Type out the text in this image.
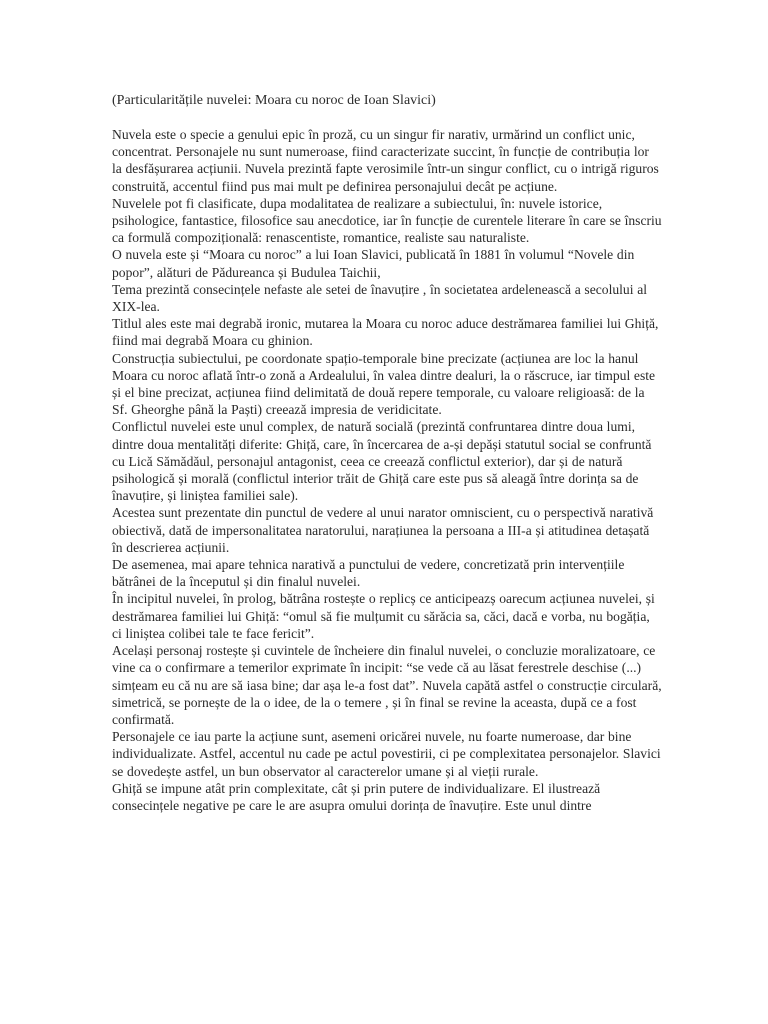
(Particularitățile nuvelei: Moara cu noroc de Ioan Slavici)

Nuvela este o specie a genului epic în proză, cu un singur fir narativ, urmărind un conflict unic, concentrat. Personajele nu sunt numeroase, fiind caracterizate succint, în funcție de contribuția lor la desfășurarea acțiunii. Nuvela prezintă fapte verosimile într-un singur conflict, cu o intrigă riguros construită, accentul fiind pus mai mult pe definirea personajului decât pe acțiune.

Nuvelele pot fi clasificate, dupa modalitatea de realizare a subiectului, în: nuvele istorice, psihologice, fantastice, filosofice sau anecdotice, iar în funcție de curentele literare în care se înscriu ca formulă compozițională: renascentiste, romantice, realiste sau naturaliste.

O nuvela este și “Moara cu noroc” a lui Ioan Slavici, publicată în 1881 în volumul “Novele din popor”, alături de Pădureanca și Budulea Taichii,

Tema prezintă consecințele nefaste ale setei de înavuțire , în societatea ardelenească a secolului al XIX-lea.

Titlul ales este mai degrabă ironic, mutarea la Moara cu noroc aduce destrămarea familiei lui Ghiță, fiind mai degrabă Moara cu ghinion.

Construcția subiectului, pe coordonate spațio-temporale bine precizate (acțiunea are loc la hanul Moara cu noroc aflată într-o zonă a Ardealului, în valea dintre dealuri, la o răscruce, iar timpul este și el bine precizat, acțiunea fiind delimitată de două repere temporale, cu valoare religioasă: de la Sf. Gheorghe până la Paști) creează impresia de veridicitate.

Conflictul nuvelei este unul complex, de natură socială (prezintă confruntarea dintre doua lumi, dintre doua mentalități diferite: Ghiță, care, în încercarea de a-și depăși statutul social se confruntă cu Lică Sămădăul, personajul antagonist, ceea ce creează conflictul exterior), dar și de natură psihologică și morală (conflictul interior trăit de Ghiță care este pus să aleagă între dorința sa de înavuțire, și liniștea familiei sale).

Acestea sunt prezentate din punctul de vedere al unui narator omniscient, cu o perspectivă narativă obiectivă, dată de impersonalitatea naratorului, narațiunea la persoana a III-a și atitudinea detașată în descrierea acțiunii.

De asemenea, mai apare tehnica narativă a punctului de vedere, concretizată prin intervențiile bătrânei de la începutul și din finalul nuvelei.

În incipitul nuvelei, în prolog, bătrâna rostește o replicș ce anticipeazș oarecum acțiunea nuvelei, și destrămarea familiei lui Ghiță: “omul să fie mulțumit cu sărăcia sa, căci, dacă e vorba, nu bogăția, ci liniștea colibei tale te face fericit”.

Același personaj rostește și cuvintele de încheiere din finalul nuvelei, o concluzie moralizatoare, ce vine ca o confirmare a temerilor exprimate în incipit: “se vede că au lăsat ferestrele deschise (...) simțeam eu că nu are să iasa bine; dar așa le-a fost dat”. Nuvela capătă astfel o construcție circulară, simetrică, se pornește de la o idee, de la o temere , și în final se revine la aceasta, după ce a fost confirmată.

Personajele ce iau parte la acțiune sunt, asemeni oricărei nuvele, nu foarte numeroase, dar bine individualizate. Astfel, accentul nu cade pe actul povestirii, ci pe complexitatea personajelor. Slavici se dovedește astfel, un bun observator al caracterelor umane și al vieții rurale.

Ghiță se impune atât prin complexitate, cât și prin putere de individualizare. El ilustrează consecințele negative pe care le are asupra omului dorința de înavuțire. Este unul dintre
